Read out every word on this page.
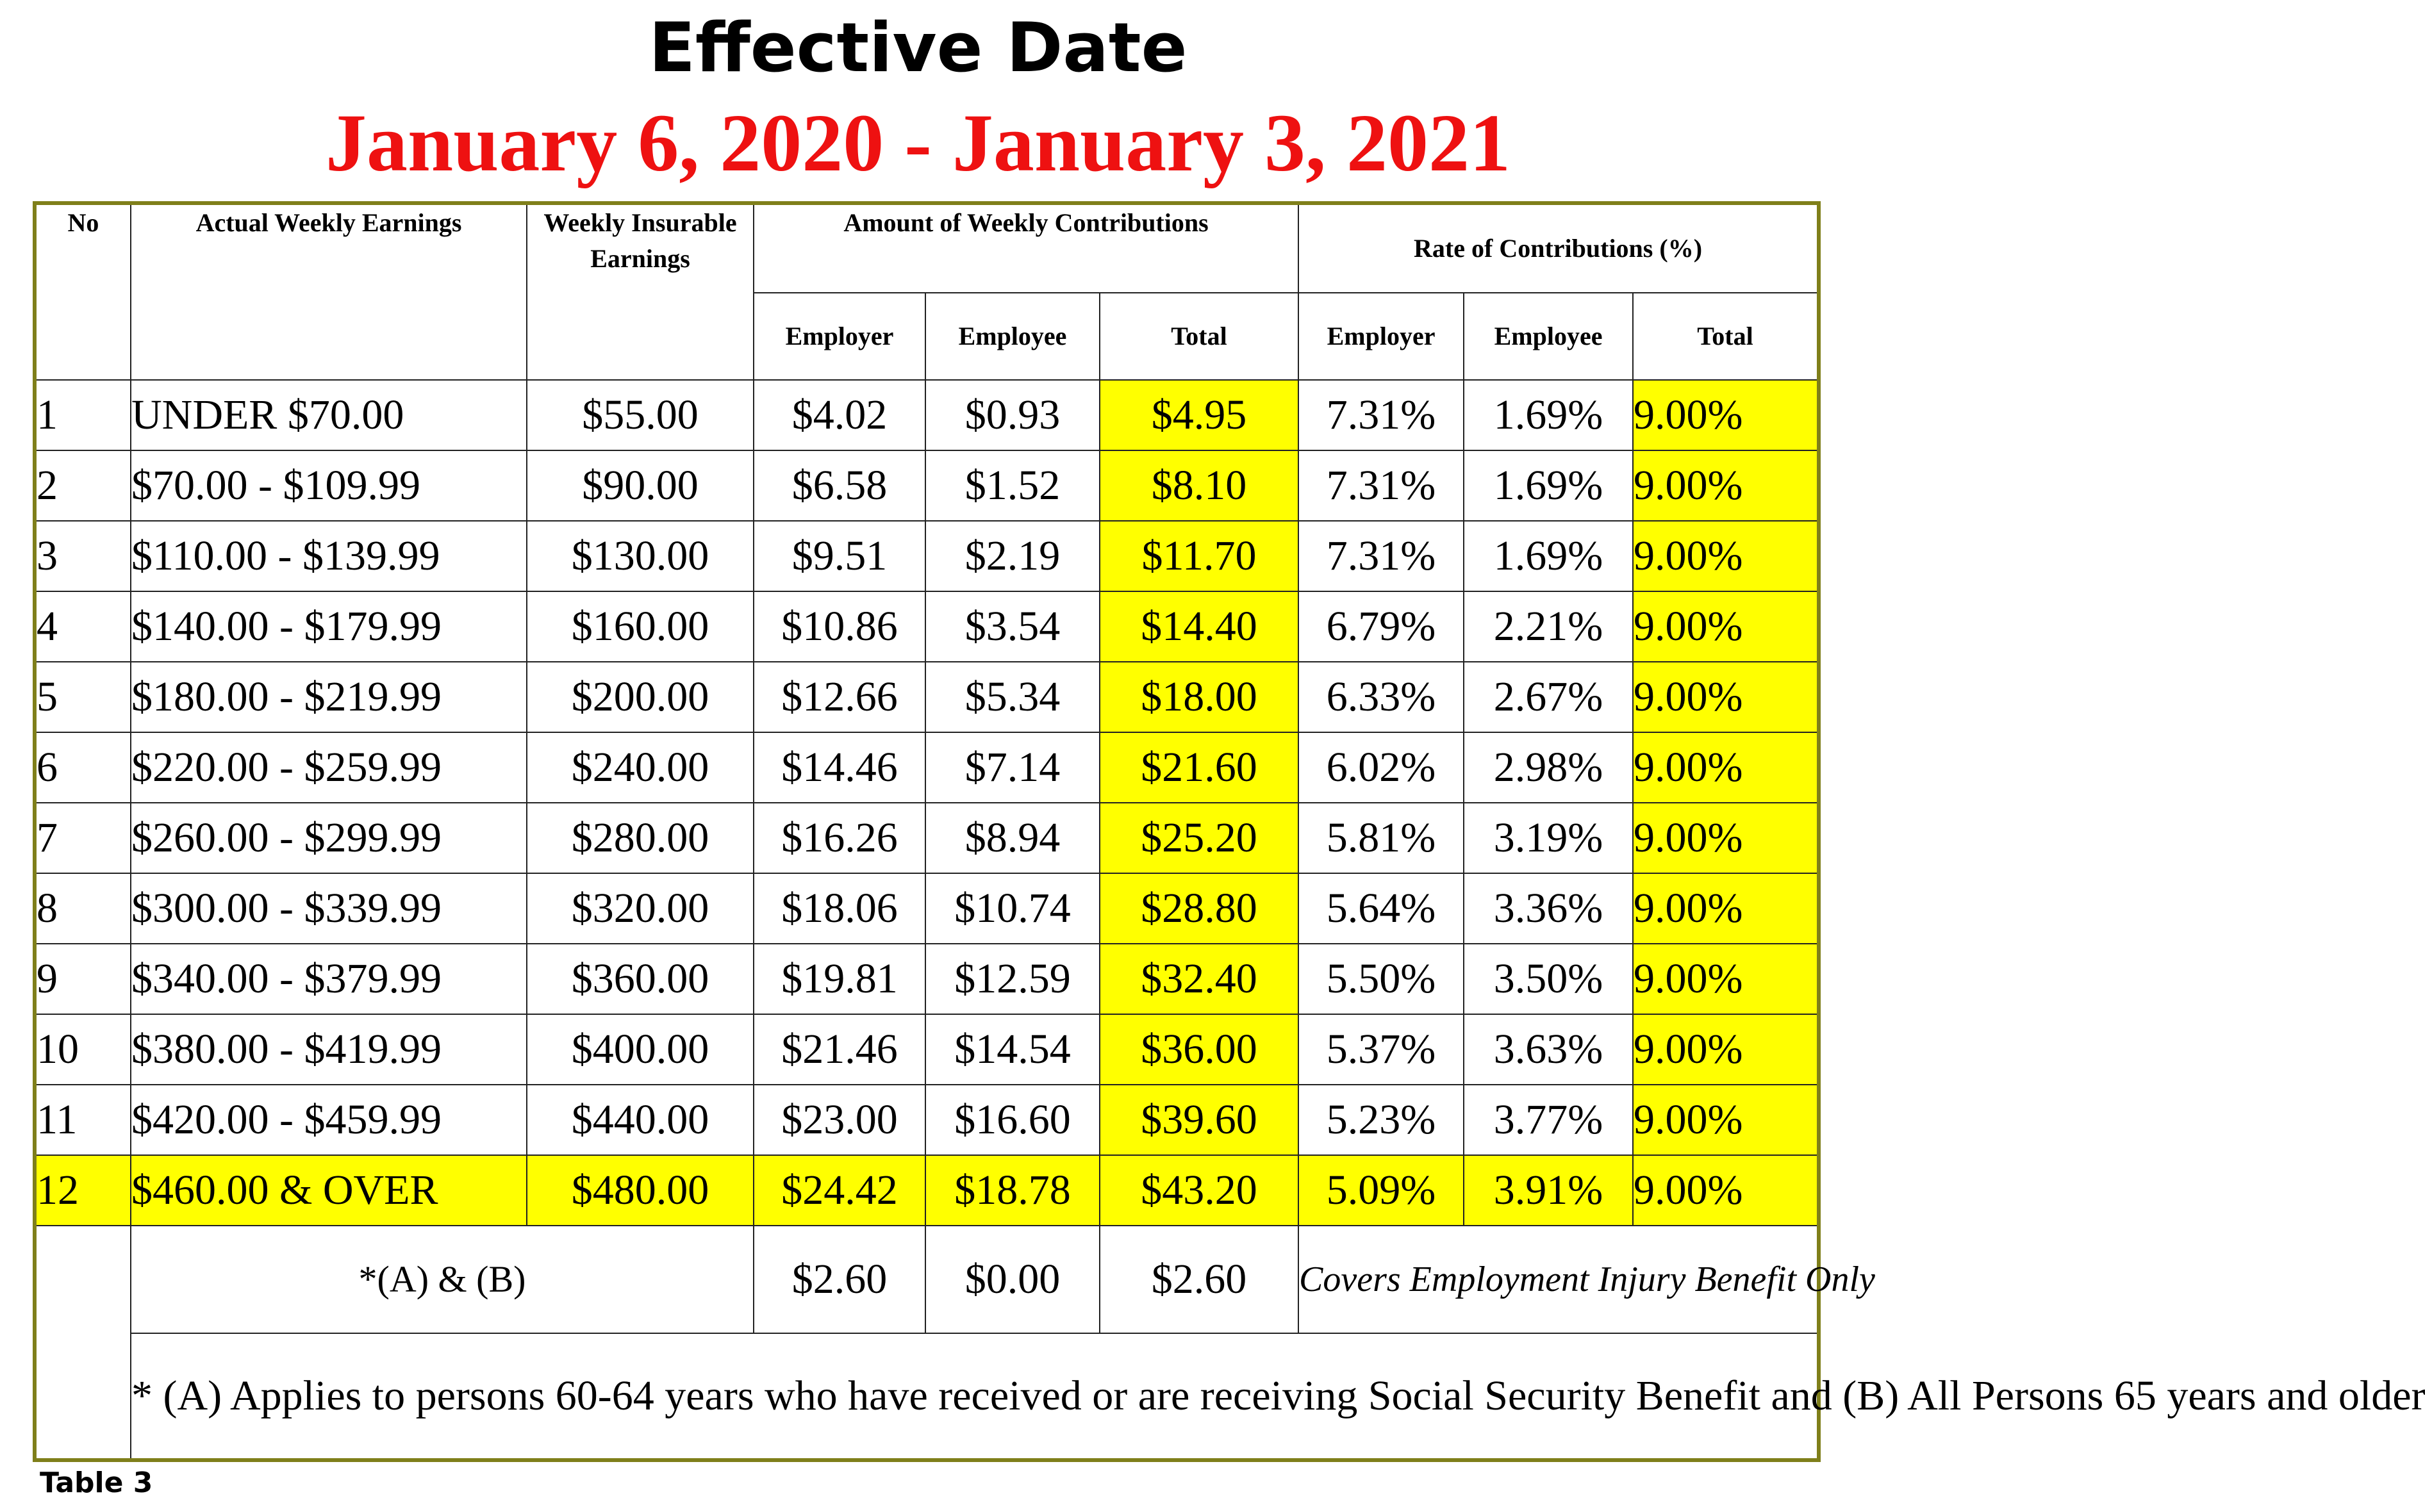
Effective Date
January 6, 2020 - January 3, 2021
No	Actual Weekly Earnings	Weekly Insurable Earnings	Amount of Weekly Contributions			Rate of Contributions (%)		
			Employer	Employee	Total	Employer	Employee	Total
1	UNDER $70.00	$55.00	$4.02	$0.93	$4.95	7.31%	1.69%	9.00%
2	$70.00 - $109.99	$90.00	$6.58	$1.52	$8.10	7.31%	1.69%	9.00%
3	$110.00 - $139.99	$130.00	$9.51	$2.19	$11.70	7.31%	1.69%	9.00%
4	$140.00 - $179.99	$160.00	$10.86	$3.54	$14.40	6.79%	2.21%	9.00%
5	$180.00 - $219.99	$200.00	$12.66	$5.34	$18.00	6.33%	2.67%	9.00%
6	$220.00 - $259.99	$240.00	$14.46	$7.14	$21.60	6.02%	2.98%	9.00%
7	$260.00 - $299.99	$280.00	$16.26	$8.94	$25.20	5.81%	3.19%	9.00%
8	$300.00 - $339.99	$320.00	$18.06	$10.74	$28.80	5.64%	3.36%	9.00%
9	$340.00 - $379.99	$360.00	$19.81	$12.59	$32.40	5.50%	3.50%	9.00%
10	$380.00 - $419.99	$400.00	$21.46	$14.54	$36.00	5.37%	3.63%	9.00%
11	$420.00 - $459.99	$440.00	$23.00	$16.60	$39.60	5.23%	3.77%	9.00%
12	$460.00 & OVER	$480.00	$24.42	$18.78	$43.20	5.09%	3.91%	9.00%
	*(A) & (B)		$2.60	$0.00	$2.60	Covers Employment Injury Benefit Only		
	* (A) Applies to persons 60-64 years who have received or are receiving Social Security Benefit and (B) All Persons 65 years and older							
Table 3
